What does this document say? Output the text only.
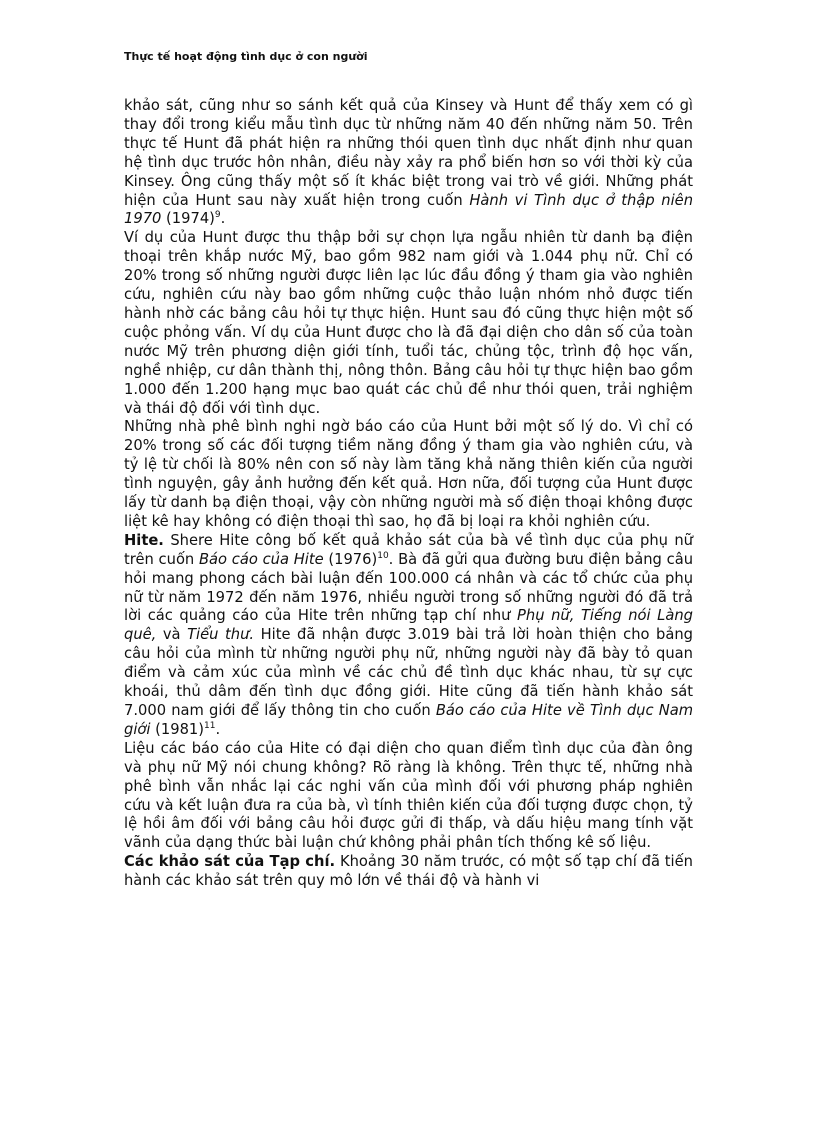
Thực tế hoạt động tình dục ở con người

khảo sát, cũng như so sánh kết quả của Kinsey và Hunt để thấy xem có gì thay đổi trong kiểu mẫu tình dục từ những năm 40 đến những năm 50. Trên thực tế Hunt đã phát hiện ra những thói quen tình dục nhất định như quan hệ tình dục trước hôn nhân, điều này xảy ra phổ biến hơn so với thời kỳ của Kinsey. Ông cũng thấy một số ít khác biệt trong vai trò về giới. Những phát hiện của Hunt sau này xuất hiện trong cuốn Hành vi Tình dục ở thập niên 1970 $(1974)^9$.

Ví dụ của Hunt được thu thập bởi sự chọn lựa ngẫu nhiên từ danh bạ điện thoại trên khắp nước Mỹ, bao gồm 982 nam giới và 1.044 phụ nữ. Chỉ có 20% trong số những người được liên lạc lúc đầu đồng ý tham gia vào nghiên cứu, nghiên cứu này bao gồm những cuộc thảo luận nhóm nhỏ được tiến hành nhờ các bảng câu hỏi tự thực hiện. Hunt sau đó cũng thực hiện một số cuộc phỏng vấn. Ví dụ của Hunt được cho là đã đại diện cho dân số của toàn nước Mỹ trên phương diện giới tính, tuổi tác, chủng tộc, trình độ học vấn, nghề nhiệp, cư dân thành thị, nông thôn. Bảng câu hỏi tự thực hiện bao gồm 1.000 đến 1.200 hạng mục bao quát các chủ đề như thói quen, trải nghiệm và thái độ đối với tình dục.

Những nhà phê bình nghi ngờ báo cáo của Hunt bởi một số lý do. Vì chỉ có 20% trong số các đối tượng tiềm năng đồng ý tham gia vào nghiên cứu, và tỷ lệ từ chối là 80% nên con số này làm tăng khả năng thiên kiến của người tình nguyện, gây ảnh hưởng đến kết quả. Hơn nữa, đối tượng của Hunt được lấy từ danh bạ điện thoại, vậy còn những người mà số điện thoại không được liệt kê hay không có điện thoại thì sao, họ đã bị loại ra khỏi nghiên cứu.

Hite. Shere Hite công bố kết quả khảo sát của bà về tình dục của phụ nữ trên cuốn Báo cáo của Hite $(1976)^{10}$. Bà đã gửi qua đường bưu điện bảng câu hỏi mang phong cách bài luận đến 100.000 cá nhân và các tổ chức của phụ nữ từ năm 1972 đến năm 1976, nhiều người trong số những người đó đã trả lời các quảng cáo của Hite trên những tạp chí như Phụ nữ, Tiếng nói Làng quê, và Tiểu thư. Hite đã nhận được 3.019 bài trả lời hoàn thiện cho bảng câu hỏi của mình từ những người phụ nữ, những người này đã bày tỏ quan điểm và cảm xúc của mình về các chủ đề tình dục khác nhau, từ sự cực khoái, thủ dâm đến tình dục đồng giới. Hite cũng đã tiến hành khảo sát 7.000 nam giới để lấy thông tin cho cuốn Báo cáo của Hite về Tình dục Nam giới $(1981)^{11}$.

Liệu các báo cáo của Hite có đại diện cho quan điểm tình dục của đàn ông và phụ nữ Mỹ nói chung không? Rõ ràng là không. Trên thực tế, những nhà phê bình vẫn nhắc lại các nghi vấn của mình đối với phương pháp nghiên cứu và kết luận đưa ra của bà, vì tính thiên kiến của đối tượng được chọn, tỷ lệ hồi âm đối với bảng câu hỏi được gửi đi thấp, và dấu hiệu mang tính vặt vãnh của dạng thức bài luận chứ không phải phân tích thống kê số liệu.

Các khảo sát của Tạp chí. Khoảng 30 năm trước, có một số tạp chí đã tiến hành các khảo sát trên quy mô lớn về thái độ và hành vi
